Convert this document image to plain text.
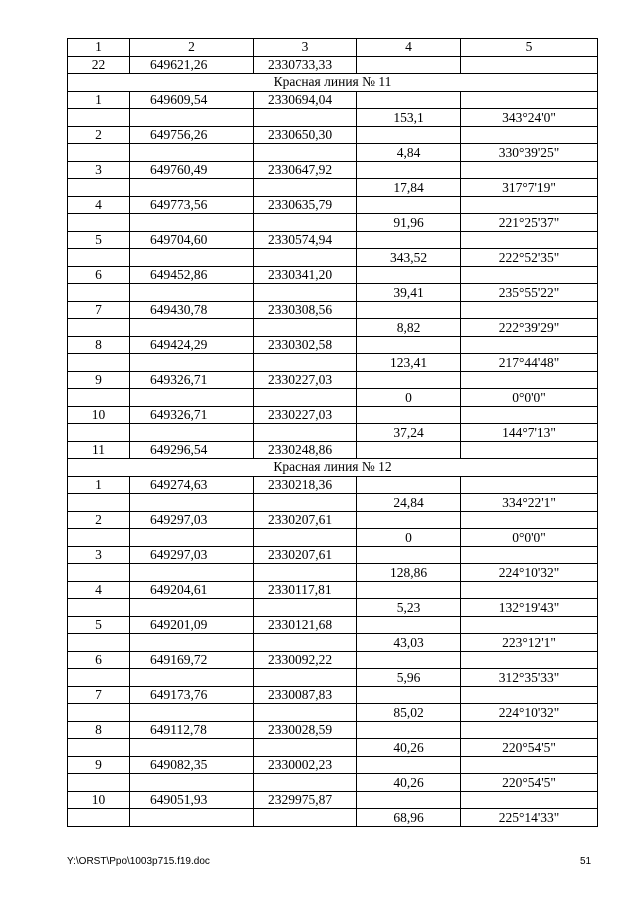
1	2	3	4	5
22	649621,26	2330733,33		
Красная линия № 11				
1	649609,54	2330694,04		
			153,1	343°24'0"
2	649756,26	2330650,30		
			4,84	330°39'25"
3	649760,49	2330647,92		
			17,84	317°7'19"
4	649773,56	2330635,79		
			91,96	221°25'37"
5	649704,60	2330574,94		
			343,52	222°52'35"
6	649452,86	2330341,20		
			39,41	235°55'22"
7	649430,78	2330308,56		
			8,82	222°39'29"
8	649424,29	2330302,58		
			123,41	217°44'48"
9	649326,71	2330227,03		
			0	0°0'0"
10	649326,71	2330227,03		
			37,24	144°7'13"
11	649296,54	2330248,86		
Красная линия № 12				
1	649274,63	2330218,36		
			24,84	334°22'1"
2	649297,03	2330207,61		
			0	0°0'0"
3	649297,03	2330207,61		
			128,86	224°10'32"
4	649204,61	2330117,81		
			5,23	132°19'43"
5	649201,09	2330121,68		
			43,03	223°12'1"
6	649169,72	2330092,22		
			5,96	312°35'33"
7	649173,76	2330087,83		
			85,02	224°10'32"
8	649112,78	2330028,59		
			40,26	220°54'5"
9	649082,35	2330002,23		
			40,26	220°54'5"
10	649051,93	2329975,87		
			68,96	225°14'33"
Y:\ORST\Ppo\1003p715.f19.doc	51
